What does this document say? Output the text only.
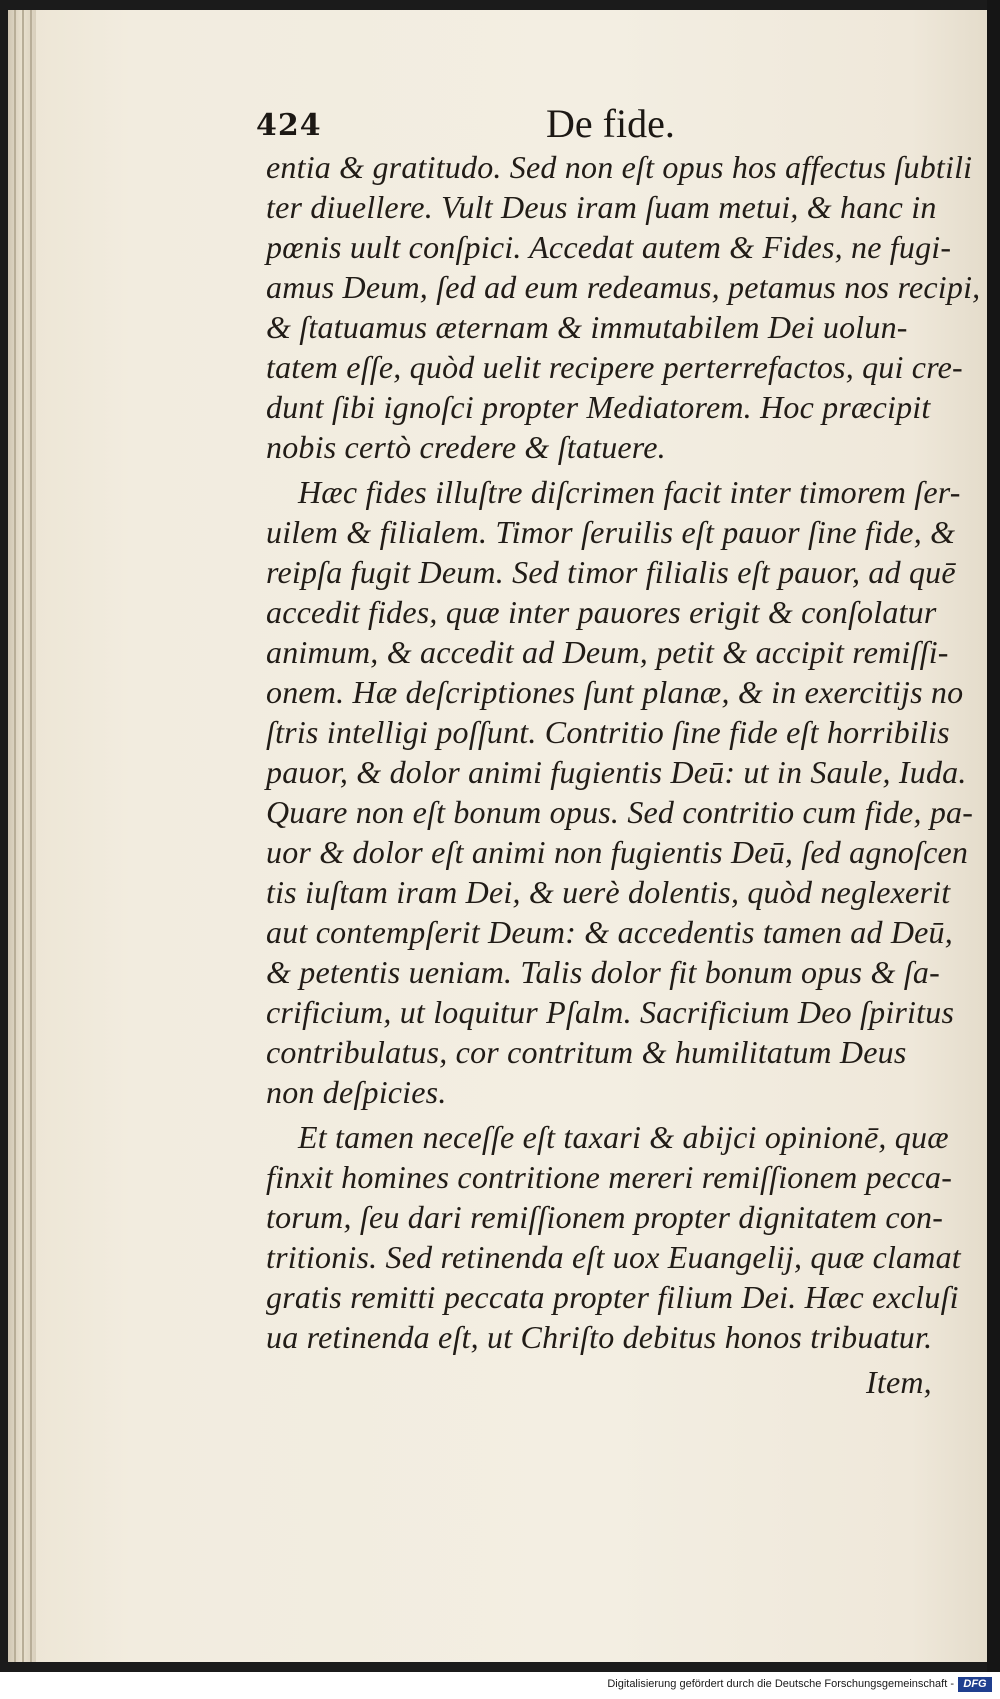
424	De fide.
entia & gratitudo. Sed non eſt opus hos affectus ſubtili
ter diuellere. Vult Deus iram ſuam metui, & hanc in
pœnis uult conſpici. Accedat autem & Fides, ne fugi-
amus Deum, ſed ad eum redeamus, petamus nos recipi,
& ſtatuamus æternam & immutabilem Dei uolun-
tatem eſſe, quòd uelit recipere perterrefactos, qui cre-
dunt ſibi ignoſci propter Mediatorem. Hoc præcipit
nobis certò credere & ſtatuere.
Hæc fides illuſtre diſcrimen facit inter timorem ſer-
uilem & filialem. Timor ſeruilis eſt pauor ſine fide, &
reipſa fugit Deum. Sed timor filialis eſt pauor, ad quē
accedit fides, quæ inter pauores erigit & conſolatur
animum, & accedit ad Deum, petit & accipit remiſſi-
onem. Hæ deſcriptiones ſunt planæ, & in exercitijs no
ſtris intelligi poſſunt. Contritio ſine fide eſt horribilis
pauor, & dolor animi fugientis Deū: ut in Saule, Iuda.
Quare non eſt bonum opus. Sed contritio cum fide, pa-
uor & dolor eſt animi non fugientis Deū, ſed agnoſcen
tis iuſtam iram Dei, & uerè dolentis, quòd neglexerit
aut contempſerit Deum: & accedentis tamen ad Deū,
& petentis ueniam. Talis dolor fit bonum opus & ſa-
crificium, ut loquitur Pſalm. Sacrificium Deo ſpiritus
contribulatus, cor contritum & humilitatum Deus
non deſpicies.
Et tamen neceſſe eſt taxari & abijci opinionē, quæ
finxit homines contritione mereri remiſſionem pecca-
torum, ſeu dari remiſſionem propter dignitatem con-
tritionis. Sed retinenda eſt uox Euangelij, quæ clamat
gratis remitti peccata propter filium Dei. Hæc excluſi
ua retinenda eſt, ut Chriſto debitus honos tribuatur.
Item,
Digitalisierung gefördert durch die Deutsche Forschungsgemeinschaft - DFG
